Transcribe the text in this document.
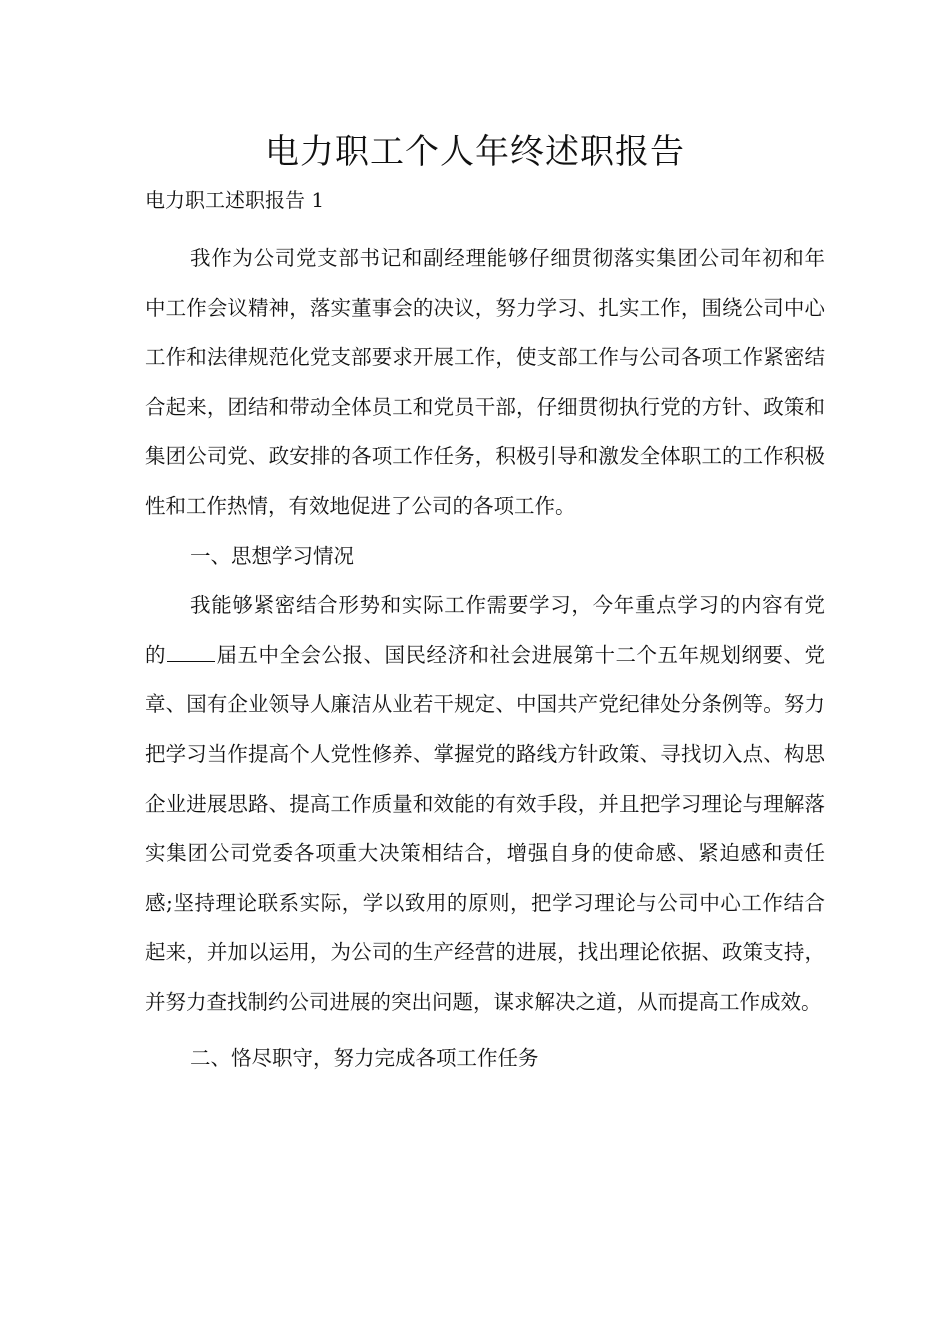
电力职工个人年终述职报告

电力职工述职报告 1

我作为公司党支部书记和副经理能够仔细贯彻落实集团公司年初和年中工作会议精神，落实董事会的决议，努力学习、扎实工作，围绕公司中心工作和法律规范化党支部要求开展工作，使支部工作与公司各项工作紧密结合起来，团结和带动全体员工和党员干部，仔细贯彻执行党的方针、政策和集团公司党、政安排的各项工作任务，积极引导和激发全体职工的工作积极性和工作热情，有效地促进了公司的各项工作。

一、思想学习情况

我能够紧密结合形势和实际工作需要学习，今年重点学习的内容有党的 届五中全会公报、国民经济和社会进展第十二个五年规划纲要、党章、国有企业领导人廉洁从业若干规定、中国共产党纪律处分条例等。努力把学习当作提高个人党性修养、掌握党的路线方针政策、寻找切入点、构思企业进展思路、提高工作质量和效能的有效手段，并且把学习理论与理解落实集团公司党委各项重大决策相结合，增强自身的使命感、紧迫感和责任感;坚持理论联系实际，学以致用的原则，把学习理论与公司中心工作结合起来，并加以运用，为公司的生产经营的进展，找出理论依据、政策支持，并努力查找制约公司进展的突出问题，谋求解决之道，从而提高工作成效。

二、恪尽职守，努力完成各项工作任务
